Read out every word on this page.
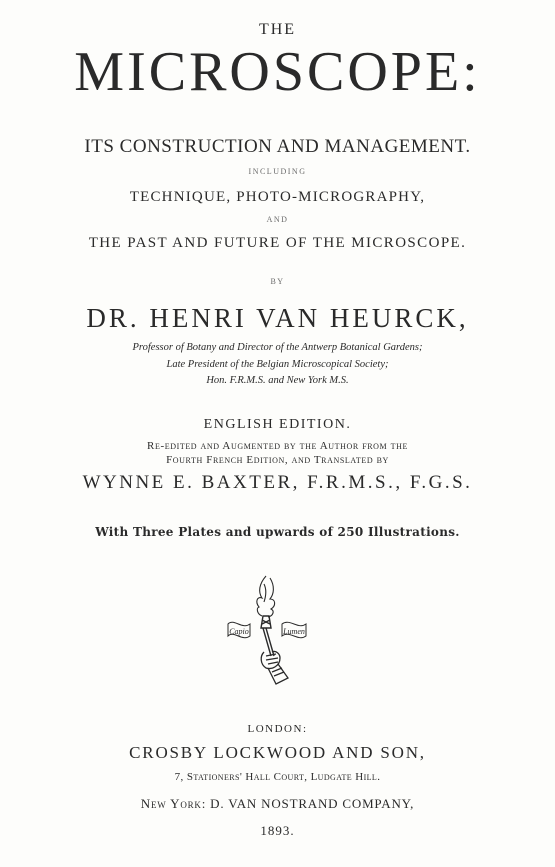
THE
MICROSCOPE:
ITS CONSTRUCTION AND MANAGEMENT.
INCLUDING
TECHNIQUE, PHOTO-MICROGRAPHY,
AND
THE PAST AND FUTURE OF THE MICROSCOPE.
BY
DR. HENRI VAN HEURCK,
Professor of Botany and Director of the Antwerp Botanical Gardens;
Late President of the Belgian Microscopical Society;
Hon. F.R.M.S. and New York M.S.
ENGLISH EDITION.
Re-edited and Augmented by the Author from the
Fourth French Edition, and Translated by
WYNNE E. BAXTER, F.R.M.S., F.G.S.
With Three Plates and upwards of 250 Illustrations.
Capio	Lumen
LONDON:
CROSBY LOCKWOOD AND SON,
7, Stationers' Hall Court, Ludgate Hill.
New York: D. VAN NOSTRAND COMPANY,
1893.
